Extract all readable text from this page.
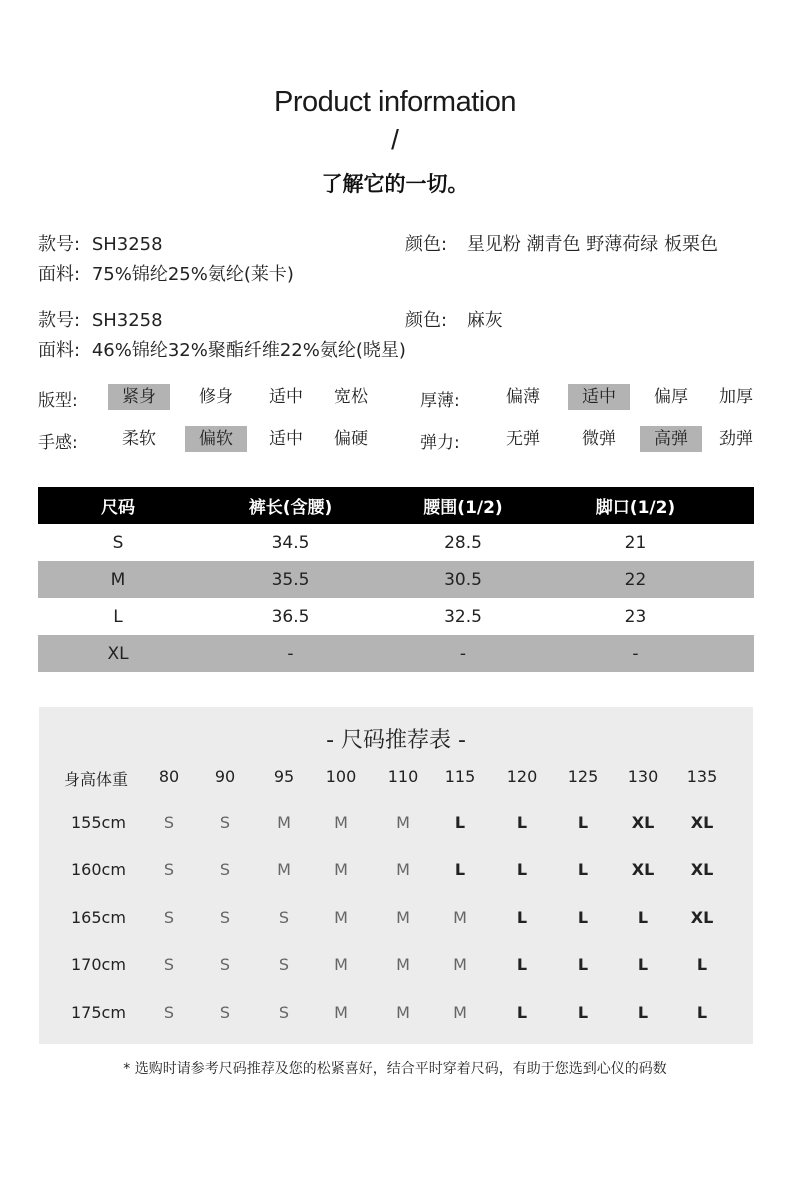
Product information
/
了解它的一切。
款号: SH3258	颜色: 星见粉 潮青色 野薄荷绿 板栗色
面料: 75%锦纶25%氨纶(莱卡)
款号: SH3258	颜色: 麻灰
面料: 46%锦纶32%聚酯纤维22%氨纶(晓星)
版型:	紧身	修身	适中	宽松	厚薄:	偏薄	适中	偏厚	加厚
手感:	柔软	偏软	适中	偏硬	弹力:	无弹	微弹	高弹	劲弹
尺码	裤长(含腰)	腰围(1/2)	脚口(1/2)
S	34.5	28.5	21
M	35.5	30.5	22
L	36.5	32.5	23
XL	-	-	-
- 尺码推荐表 -
身高体重	80	90	95	100 110 115 120 125 130 135
155cm	S	S	M	M	M	L	L	L	XL	XL
160cm	S	S	M	M	M	L	L	L	XL	XL
165cm	S	S	S	M	M	M	L	L	L	XL
170cm	S	S	S	M	M	M	L	L	L	L
175cm	S	S	S	M	M	M	L	L	L	L
* 选购时请参考尺码推荐及您的松紧喜好，结合平时穿着尺码，有助于您选到心仪的码数
